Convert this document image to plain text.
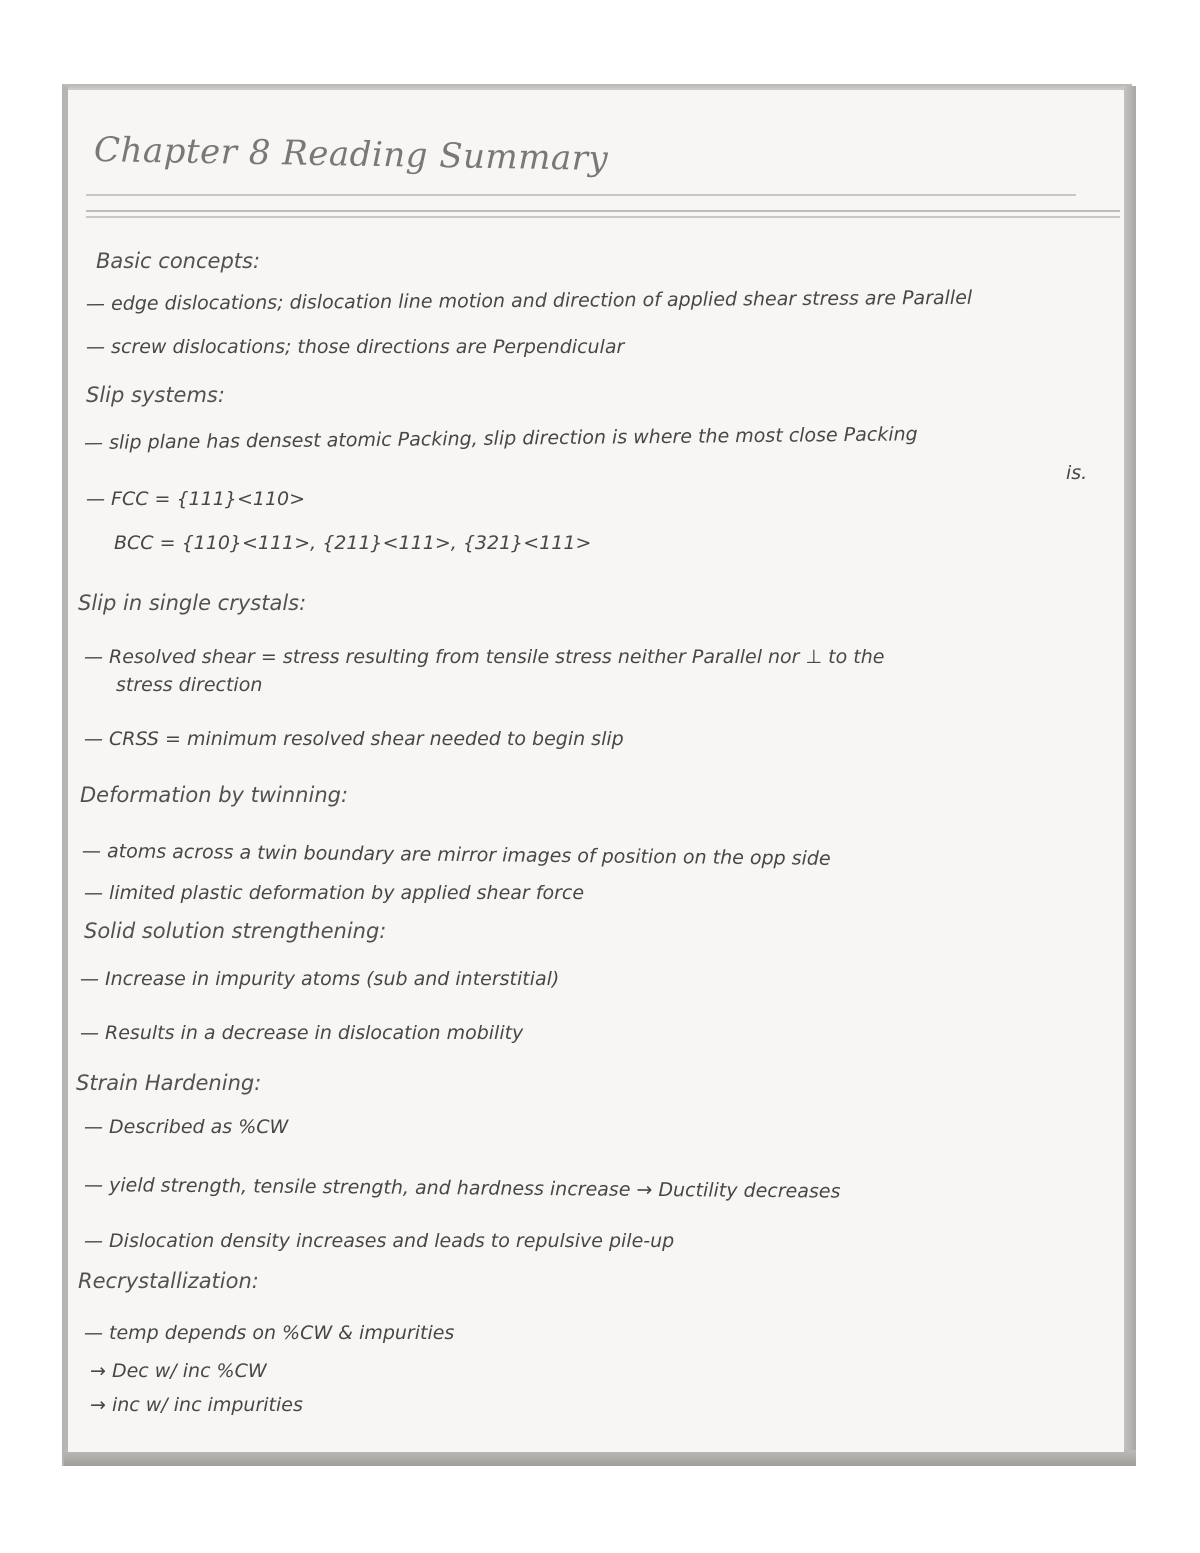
Chapter 8 Reading Summary
Basic concepts:
— edge dislocations; dislocation line motion and direction of applied shear stress are Parallel
— screw dislocations; those directions are Perpendicular
Slip systems:
— slip plane has densest atomic Packing, slip direction is where the most close Packing
is.
— FCC = {111}<110>
BCC = {110}<111>, {211}<111>, {321}<111>
Slip in single crystals:
— Resolved shear = stress resulting from tensile stress neither Parallel nor ⊥ to the
stress direction
— CRSS = minimum resolved shear needed to begin slip
Deformation by twinning:
— atoms across a twin boundary are mirror images of position on the opp side
— limited plastic deformation by applied shear force
Solid solution strengthening:
— Increase in impurity atoms (sub and interstitial)
— Results in a decrease in dislocation mobility
Strain Hardening:
— Described as %CW
— yield strength, tensile strength, and hardness increase → Ductility decreases
— Dislocation density increases and leads to repulsive pile-up
Recrystallization:
— temp depends on %CW & impurities
→ Dec w/ inc %CW
→ inc w/ inc impurities
